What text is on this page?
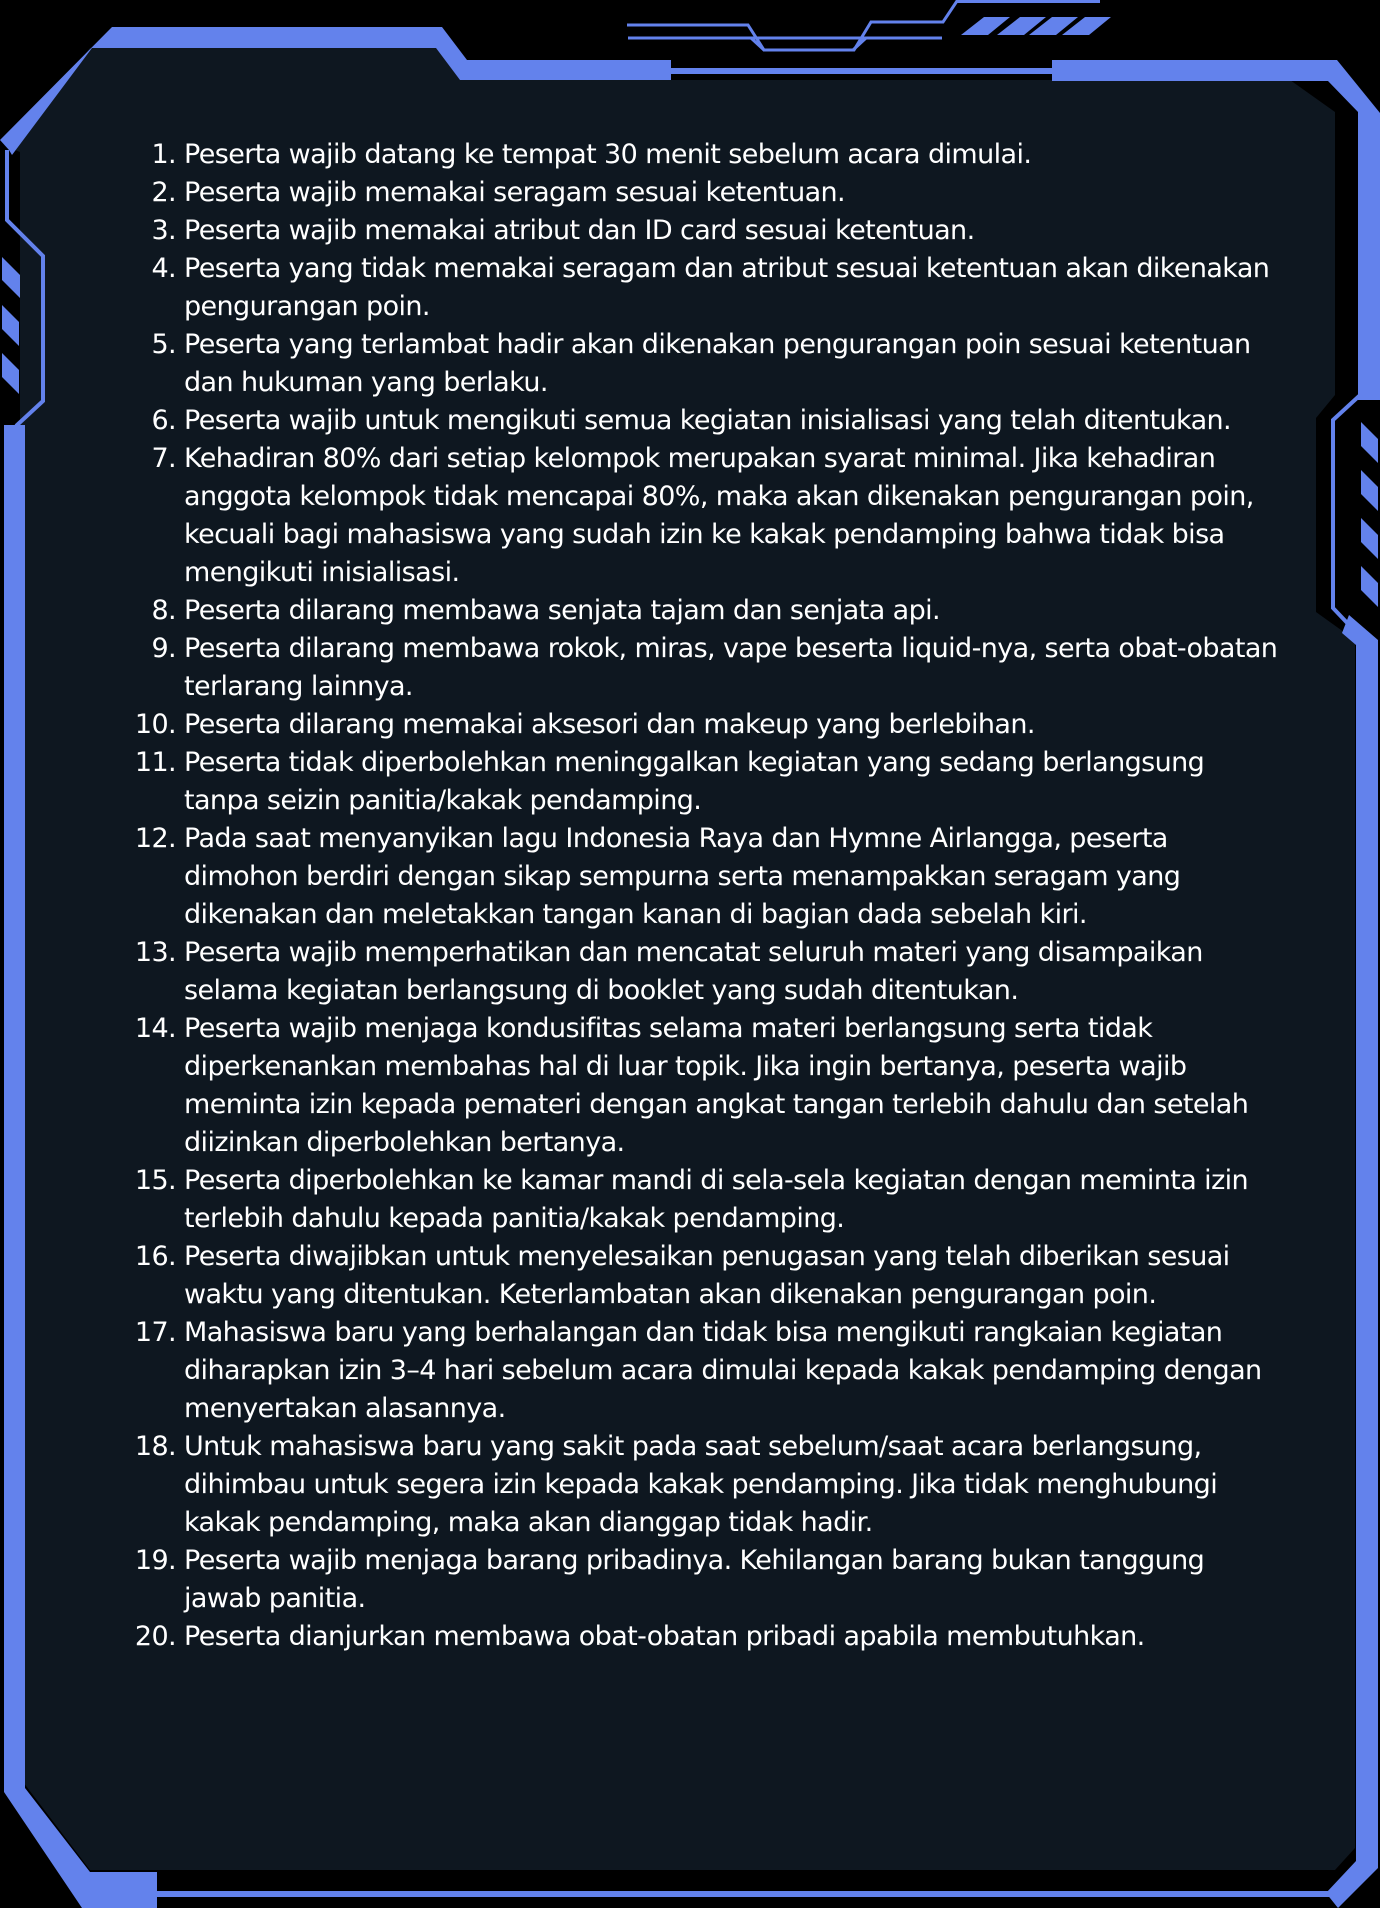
1. Peserta wajib datang ke tempat 30 menit sebelum acara dimulai.
2. Peserta wajib memakai seragam sesuai ketentuan.
3. Peserta wajib memakai atribut dan ID card sesuai ketentuan.
4. Peserta yang tidak memakai seragam dan atribut sesuai ketentuan akan dikenakan pengurangan poin.
5. Peserta yang terlambat hadir akan dikenakan pengurangan poin sesuai ketentuan dan hukuman yang berlaku.
6. Peserta wajib untuk mengikuti semua kegiatan inisialisasi yang telah ditentukan.
7. Kehadiran 80% dari setiap kelompok merupakan syarat minimal. Jika kehadiran anggota kelompok tidak mencapai 80%, maka akan dikenakan pengurangan poin, kecuali bagi mahasiswa yang sudah izin ke kakak pendamping bahwa tidak bisa mengikuti inisialisasi.
8. Peserta dilarang membawa senjata tajam dan senjata api.
9. Peserta dilarang membawa rokok, miras, vape beserta liquid-nya, serta obat-obatan terlarang lainnya.
10. Peserta dilarang memakai aksesori dan makeup yang berlebihan.
11. Peserta tidak diperbolehkan meninggalkan kegiatan yang sedang berlangsung tanpa seizin panitia/kakak pendamping.
12. Pada saat menyanyikan lagu Indonesia Raya dan Hymne Airlangga, peserta dimohon berdiri dengan sikap sempurna serta menampakkan seragam yang dikenakan dan meletakkan tangan kanan di bagian dada sebelah kiri.
13. Peserta wajib memperhatikan dan mencatat seluruh materi yang disampaikan selama kegiatan berlangsung di booklet yang sudah ditentukan.
14. Peserta wajib menjaga kondusifitas selama materi berlangsung serta tidak diperkenankan membahas hal di luar topik. Jika ingin bertanya, peserta wajib meminta izin kepada pemateri dengan angkat tangan terlebih dahulu dan setelah diizinkan diperbolehkan bertanya.
15. Peserta diperbolehkan ke kamar mandi di sela-sela kegiatan dengan meminta izin terlebih dahulu kepada panitia/kakak pendamping.
16. Peserta diwajibkan untuk menyelesaikan penugasan yang telah diberikan sesuai waktu yang ditentukan. Keterlambatan akan dikenakan pengurangan poin.
17. Mahasiswa baru yang berhalangan dan tidak bisa mengikuti rangkaian kegiatan diharapkan izin 3–4 hari sebelum acara dimulai kepada kakak pendamping dengan menyertakan alasannya.
18. Untuk mahasiswa baru yang sakit pada saat sebelum/saat acara berlangsung, dihimbau untuk segera izin kepada kakak pendamping. Jika tidak menghubungi kakak pendamping, maka akan dianggap tidak hadir.
19. Peserta wajib menjaga barang pribadinya. Kehilangan barang bukan tanggung jawab panitia.
20. Peserta dianjurkan membawa obat-obatan pribadi apabila membutuhkan.
